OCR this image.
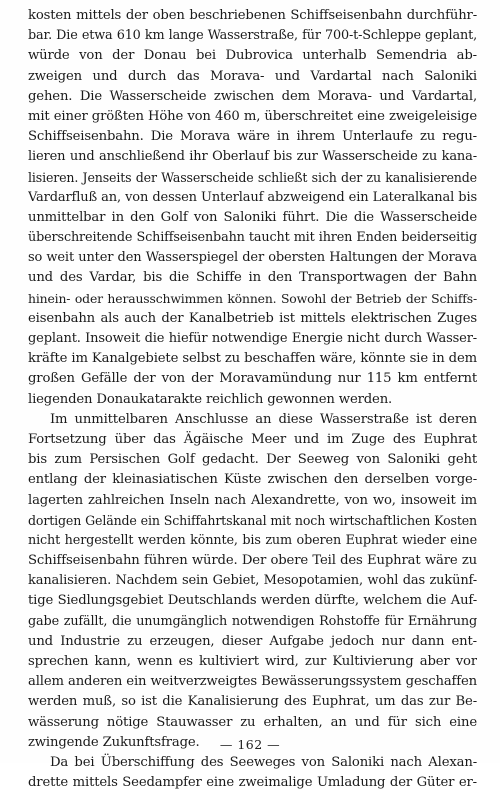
kosten mittels der oben beschriebenen Schiffseisenbahn durchführ-
bar. Die etwa 610 km lange Wasserstraße, für 700-t-Schleppe geplant,
würde von der Donau bei Dubrovica unterhalb Semendria ab-
zweigen und durch das Morava- und Vardartal nach Saloniki
gehen. Die Wasserscheide zwischen dem Morava- und Vardartal,
mit einer größten Höhe von 460 m, überschreitet eine zweigeleisige
Schiffseisenbahn. Die Morava wäre in ihrem Unterlaufe zu regu-
lieren und anschließend ihr Oberlauf bis zur Wasserscheide zu kana-
lisieren. Jenseits der Wasserscheide schließt sich der zu kanalisierende
Vardarfluß an, von dessen Unterlauf abzweigend ein Lateralkanal bis
unmittelbar in den Golf von Saloniki führt. Die die Wasserscheide
überschreitende Schiffseisenbahn taucht mit ihren Enden beiderseitig
so weit unter den Wasserspiegel der obersten Haltungen der Morava
und des Vardar, bis die Schiffe in den Transportwagen der Bahn
hinein- oder herausschwimmen können. Sowohl der Betrieb der Schiffs-
eisenbahn als auch der Kanalbetrieb ist mittels elektrischen Zuges
geplant. Insoweit die hiefür notwendige Energie nicht durch Wasser-
kräfte im Kanalgebiete selbst zu beschaffen wäre, könnte sie in dem
großen Gefälle der von der Moravamündung nur 115 km entfernt
liegenden Donaukatarakte reichlich gewonnen werden.
Im unmittelbaren Anschlusse an diese Wasserstraße ist deren
Fortsetzung über das Ägäische Meer und im Zuge des Euphrat
bis zum Persischen Golf gedacht. Der Seeweg von Saloniki geht
entlang der kleinasiatischen Küste zwischen den derselben vorge-
lagerten zahlreichen Inseln nach Alexandrette, von wo, insoweit im
dortigen Gelände ein Schiffahrtskanal mit noch wirtschaftlichen Kosten
nicht hergestellt werden könnte, bis zum oberen Euphrat wieder eine
Schiffseisenbahn führen würde. Der obere Teil des Euphrat wäre zu
kanalisieren. Nachdem sein Gebiet, Mesopotamien, wohl das zukünf-
tige Siedlungsgebiet Deutschlands werden dürfte, welchem die Auf-
gabe zufällt, die unumgänglich notwendigen Rohstoffe für Ernährung
und Industrie zu erzeugen, dieser Aufgabe jedoch nur dann ent-
sprechen kann, wenn es kultiviert wird, zur Kultivierung aber vor
allem anderen ein weitverzweigtes Bewässerungssystem geschaffen
werden muß, so ist die Kanalisierung des Euphrat, um das zur Be-
wässerung nötige Stauwasser zu erhalten, an und für sich eine
zwingende Zukunftsfrage.
Da bei Überschiffung des Seeweges von Saloniki nach Alexan-
drette mittels Seedampfer eine zweimalige Umladung der Güter er-
— 162 —
